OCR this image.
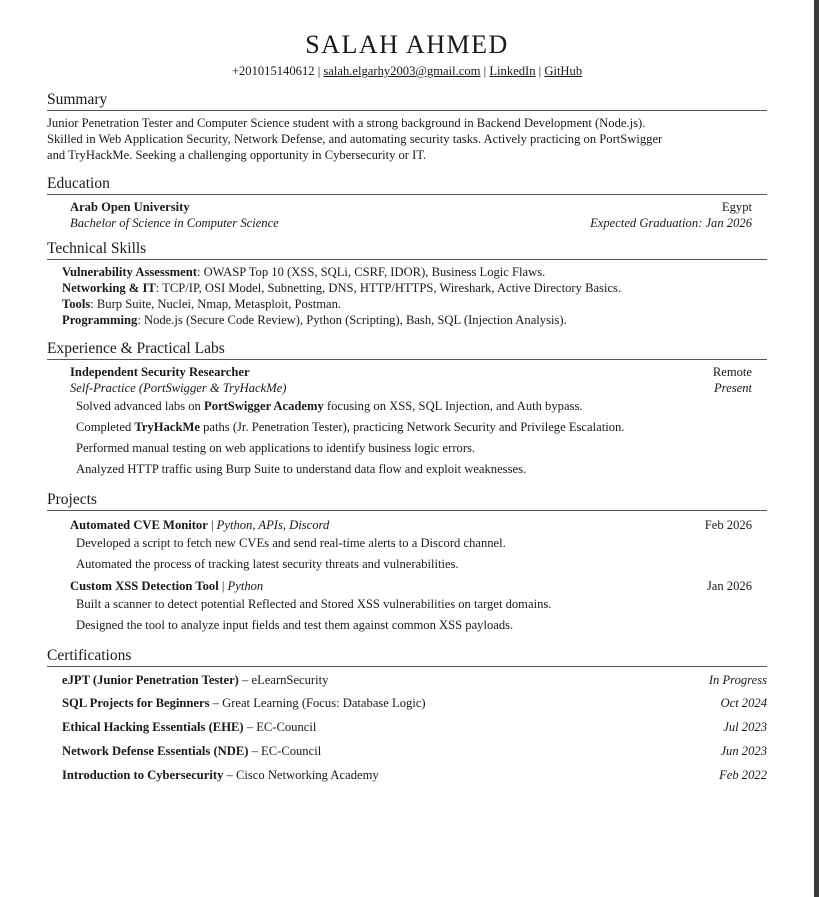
SALAH AHMED
+201015140612 | salah.elgarhy2003@gmail.com | LinkedIn | GitHub
Summary
Junior Penetration Tester and Computer Science student with a strong background in Backend Development (Node.js).
Skilled in Web Application Security, Network Defense, and automating security tasks. Actively practicing on PortSwigger
and TryHackMe. Seeking a challenging opportunity in Cybersecurity or IT.
Education
Arab Open University	Egypt
Bachelor of Science in Computer Science	Expected Graduation: Jan 2026
Technical Skills
Vulnerability Assessment: OWASP Top 10 (XSS, SQLi, CSRF, IDOR), Business Logic Flaws.
Networking & IT: TCP/IP, OSI Model, Subnetting, DNS, HTTP/HTTPS, Wireshark, Active Directory Basics.
Tools: Burp Suite, Nuclei, Nmap, Metasploit, Postman.
Programming: Node.js (Secure Code Review), Python (Scripting), Bash, SQL (Injection Analysis).
Experience & Practical Labs
Independent Security Researcher	Remote
Self-Practice (PortSwigger & TryHackMe)	Present
Solved advanced labs on PortSwigger Academy focusing on XSS, SQL Injection, and Auth bypass.
Completed TryHackMe paths (Jr. Penetration Tester), practicing Network Security and Privilege Escalation.
Performed manual testing on web applications to identify business logic errors.
Analyzed HTTP traffic using Burp Suite to understand data flow and exploit weaknesses.
Projects
Automated CVE Monitor | Python, APIs, Discord	Feb 2026
Developed a script to fetch new CVEs and send real-time alerts to a Discord channel.
Automated the process of tracking latest security threats and vulnerabilities.
Custom XSS Detection Tool | Python	Jan 2026
Built a scanner to detect potential Reflected and Stored XSS vulnerabilities on target domains.
Designed the tool to analyze input fields and test them against common XSS payloads.
Certifications
eJPT (Junior Penetration Tester) – eLearnSecurity	In Progress
SQL Projects for Beginners – Great Learning (Focus: Database Logic)	Oct 2024
Ethical Hacking Essentials (EHE) – EC-Council	Jul 2023
Network Defense Essentials (NDE) – EC-Council	Jun 2023
Introduction to Cybersecurity – Cisco Networking Academy	Feb 2022
